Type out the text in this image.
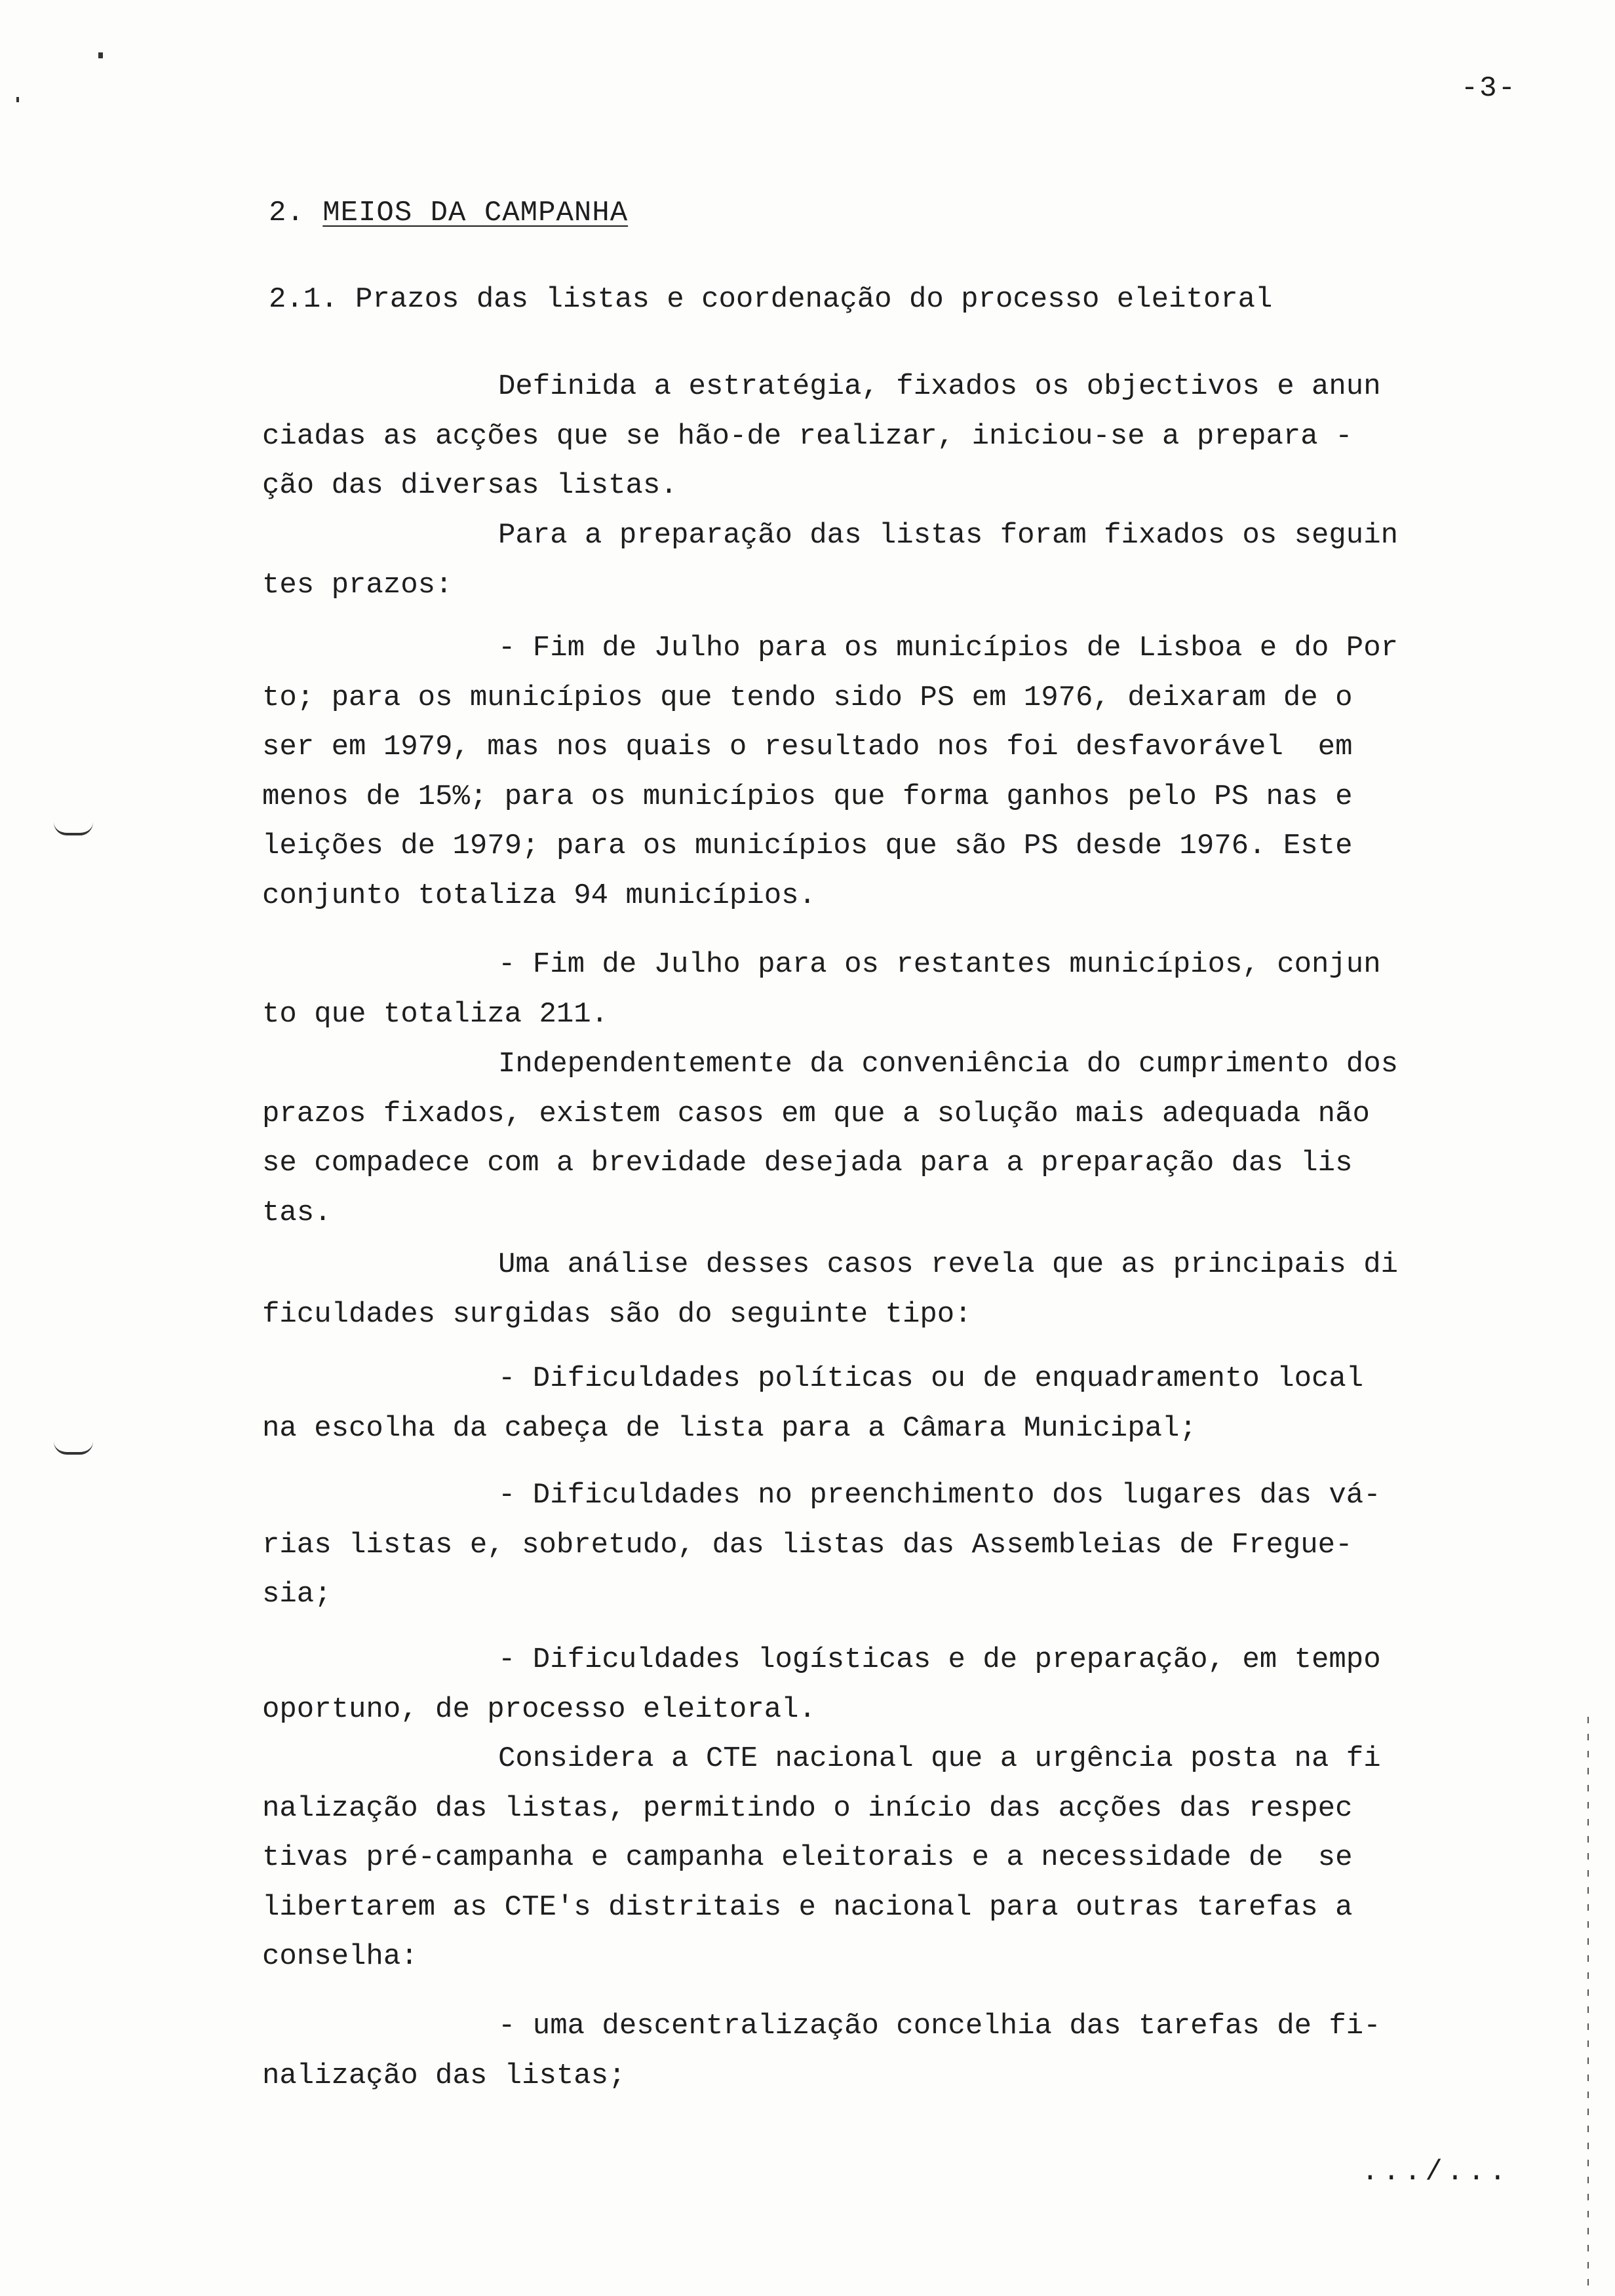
-3-
2. MEIOS DA CAMPANHA
2.1. Prazos das listas e coordenação do processo eleitoral
Definida a estratégia, fixados os objectivos e anun
ciadas as acções que se hão-de realizar, iniciou-se a prepara -
ção das diversas listas.
Para a preparação das listas foram fixados os seguin
tes prazos:
- Fim de Julho para os municípios de Lisboa e do Por
to; para os municípios que tendo sido PS em 1976, deixaram de o
ser em 1979, mas nos quais o resultado nos foi desfavorável  em
menos de 15%; para os municípios que forma ganhos pelo PS nas e
leições de 1979; para os municípios que são PS desde 1976. Este
conjunto totaliza 94 municípios.
- Fim de Julho para os restantes municípios, conjun
to que totaliza 211.
Independentemente da conveniência do cumprimento dos
prazos fixados, existem casos em que a solução mais adequada não
se compadece com a brevidade desejada para a preparação das lis
tas.
Uma análise desses casos revela que as principais di
ficuldades surgidas são do seguinte tipo:
- Dificuldades políticas ou de enquadramento local
na escolha da cabeça de lista para a Câmara Municipal;
- Dificuldades no preenchimento dos lugares das vá-
rias listas e, sobretudo, das listas das Assembleias de Fregue-
sia;
- Dificuldades logísticas e de preparação, em tempo
oportuno, de processo eleitoral.
Considera a CTE nacional que a urgência posta na fi
nalização das listas, permitindo o início das acções das respec
tivas pré-campanha e campanha eleitorais e a necessidade de  se
libertarem as CTE's distritais e nacional para outras tarefas a
conselha:
- uma descentralização concelhia das tarefas de fi-
nalização das listas;
.../...
